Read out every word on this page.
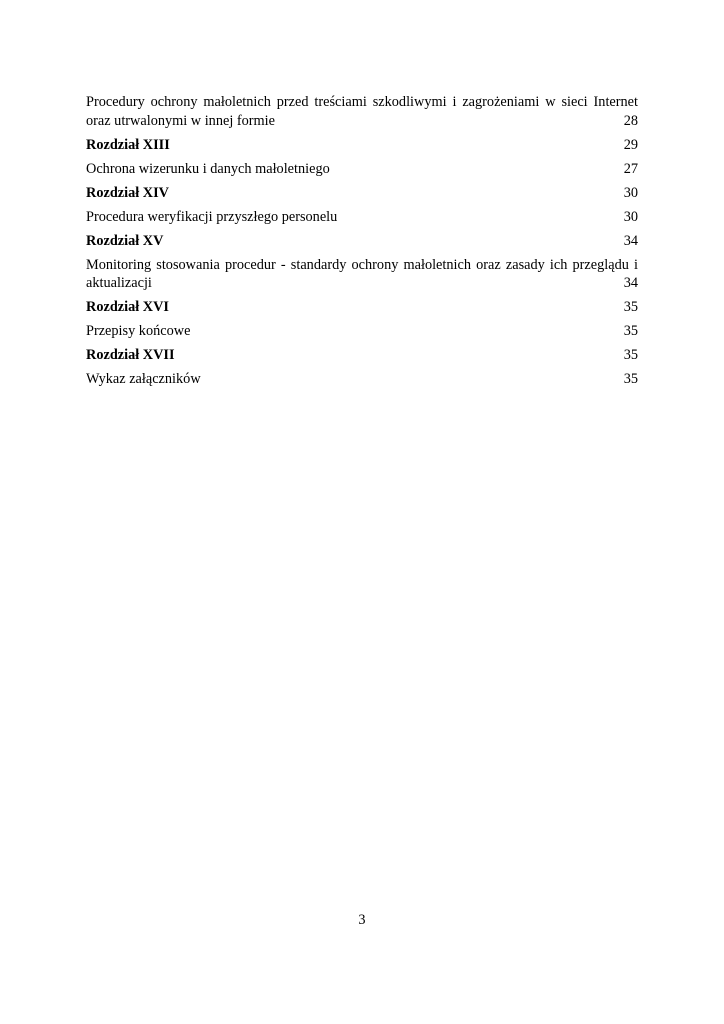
Procedury ochrony małoletnich przed treściami szkodliwymi i zagrożeniami w sieci Internet oraz utrwalonymi w innej formie	28
Rozdział XIII	29
Ochrona wizerunku i danych małoletniego	27
Rozdział XIV	30
Procedura weryfikacji przyszłego personelu	30
Rozdział XV	34
Monitoring stosowania procedur - standardy ochrony małoletnich oraz zasady ich przeglądu i aktualizacji	34
Rozdział XVI	35
Przepisy końcowe	35
Rozdział XVII	35
Wykaz załączników	35
3
